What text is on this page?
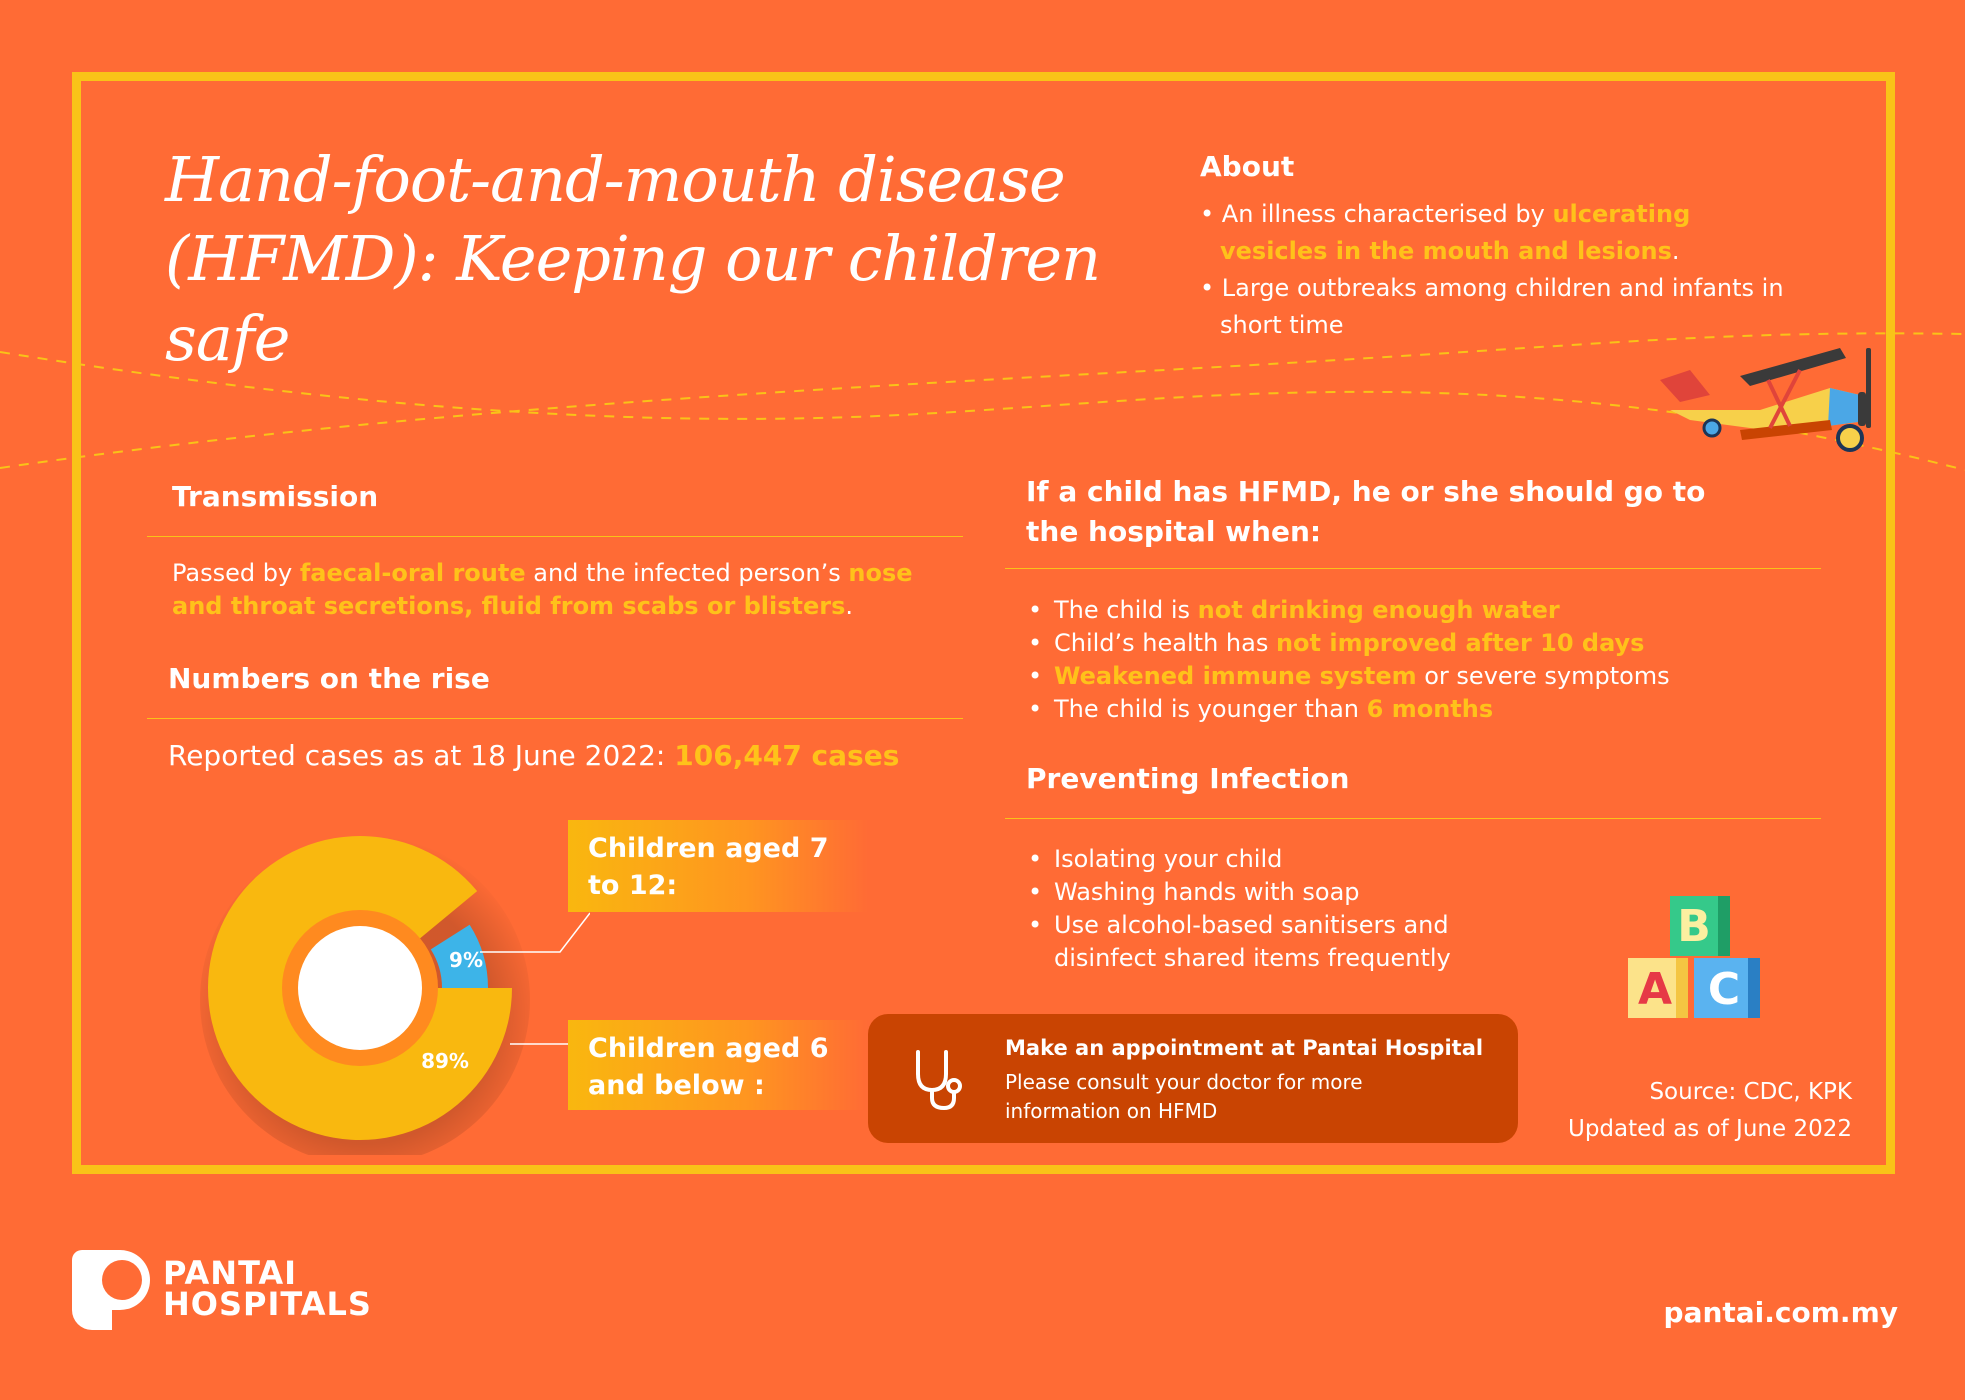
Hand-foot-and-mouth disease
(HFMD): Keeping our children safe
About
• An illness characterised by ulcerating vesicles in the mouth and lesions.
• Large outbreaks among children and infants in short time
Transmission

Passed by faecal-oral route and the infected person’s nose and throat secretions, fluid from scabs or blisters.

Numbers on the rise

Reported cases as at 18 June 2022: 106,447 cases

9%
89%
Children aged 7 to 12:
Children aged 6 and below :
If a child has HFMD, he or she should go to the hospital when:
• The child is not drinking enough water
• Child’s health has not improved after 10 days
• Weakened immune system or severe symptoms
• The child is younger than 6 months
Preventing Infection
• Isolating your child
• Washing hands with soap
• Use alcohol-based sanitisers and disinfect shared items frequently
B
A C
Make an appointment at Pantai Hospital
Please consult your doctor for more information on HFMD
Source: CDC, KPK
Updated as of June 2022
PANTAI
HOSPITALS	pantai.com.my
